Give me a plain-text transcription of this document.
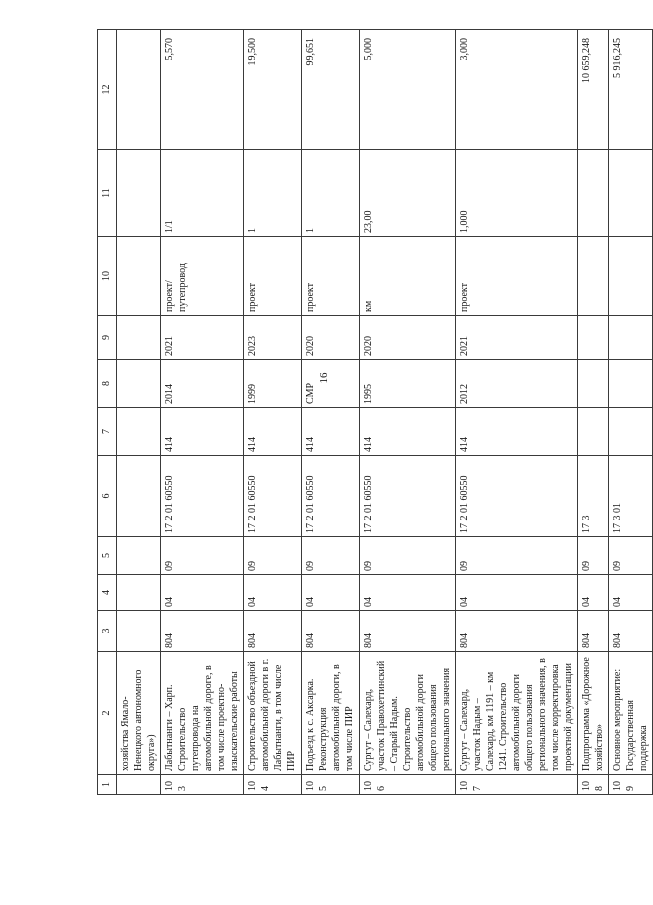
16
1	2	3	4	5	6	7	8	9	10	11	12
	хозяйства Ямало-Ненецкого автономного округа»)										
103	Лабытнанги – Харп. Строительство путепровода на автомобильной дороге, в том числе проектно-изыскательские работы	804	04	09	17 2 01 60550	414	2014	2021	проект/путепровод	1/1	5,570
104	Строительство объездной автомобильной дороги в г. Лабытнанги, в том числе ПИР	804	04	09	17 2 01 60550	414	1999	2023	проект	1	19,500
105	Подъезд к с. Аксарка. Реконструкция автомобильной дороги, в том числе ПИР	804	04	09	17 2 01 60550	414	СМР	2020	проект	1	99,651
106	Сургут – Салехард, участок Правохеттинский – Старый Надым. Строительство автомобильной дороги общего пользования регионального значения	804	04	09	17 2 01 60550	414	1995	2020	км	23,00	5,000
107	Сургут – Салехард, участок Надым – Салехард, км 1191 – км 1241. Строительство автомобильной дороги общего пользования регионального значения, в том числе корректировка проектной документации	804	04	09	17 2 01 60550	414	2012	2021	проект	1,000	3,000
108	Подпрограмма «Дорожное хозяйство»	804	04	09	17 3						10 659,248
109	Основное мероприятие: Государственная поддержка	804	04	09	17 3 01						5 916,245
